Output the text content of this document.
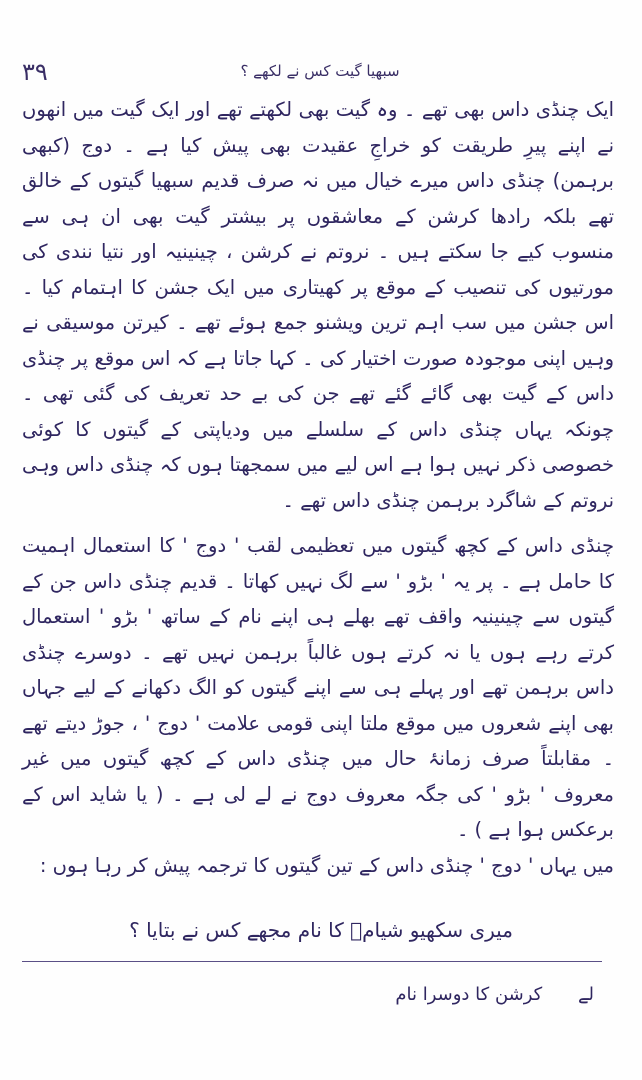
۳۹	سبھیا گیت کس نے لکھے ؟

ایک چنڈی داس بھی تھے ۔ وہ گیت بھی لکھتے تھے اور ایک گیت میں انھوں نے اپنے پیرِ طریقت کو خراجِ عقیدت بھی پیش کیا ہے ۔ دوج (کبھی برہمن) چنڈی داس میرے خیال میں نہ صرف قدیم سبھیا گیتوں کے خالق تھے بلکہ رادھا کرشن کے معاشقوں پر بیشتر گیت بھی ان ہی سے منسوب کیے جا سکتے ہیں ۔ نروتم نے کرشن ، چینینیہ اور نتیا نندی کی مورتیوں کی تنصیب کے موقع پر کھیتاری میں ایک جشن کا اہتمام کیا ۔ اس جشن میں سب اہم ترین ویشنو جمع ہوئے تھے ۔ کیرتن موسیقی نے وہیں اپنی موجودہ صورت اختیار کی ۔ کہا جاتا ہے کہ اس موقع پر چنڈی داس کے گیت بھی گائے گئے تھے جن کی بے حد تعریف کی گئی تھی ۔ چونکہ یہاں چنڈی داس کے سلسلے میں ودیاپتی کے گیتوں کا کوئی خصوصی ذکر نہیں ہوا ہے اس لیے میں سمجھتا ہوں کہ چنڈی داس وہی نروتم کے شاگرد برہمن چنڈی داس تھے ۔

چنڈی داس کے کچھ گیتوں میں تعظیمی لقب ' دوج ' کا استعمال اہمیت کا حامل ہے ۔ پر یہ ' بڑو ' سے لگ نہیں کھاتا ۔ قدیم چنڈی داس جن کے گیتوں سے چینینیہ واقف تھے بھلے ہی اپنے نام کے ساتھ ' بڑو ' استعمال کرتے رہے ہوں یا نہ کرتے ہوں غالباً برہمن نہیں تھے ۔ دوسرے چنڈی داس برہمن تھے اور پہلے ہی سے اپنے گیتوں کو الگ دکھانے کے لیے جہاں بھی اپنے شعروں میں موقع ملتا اپنی قومی علامت ' دوج ' ، جوڑ دیتے تھے ۔ مقابلتاً صرف زمانۂ حال میں چنڈی داس کے کچھ گیتوں میں غیر معروف ' بڑو ' کی جگہ معروف دوج نے لے لی ہے ۔ ( یا شاید اس کے برعکس ہوا ہے ) ۔

میں یہاں ' دوج ' چنڈی داس کے تین گیتوں کا ترجمہ پیش کر رہا ہوں :

میری سکھیو شیامؔ کا نام مجھے کس نے بتایا ؟
لے کرشن کا دوسرا نام
